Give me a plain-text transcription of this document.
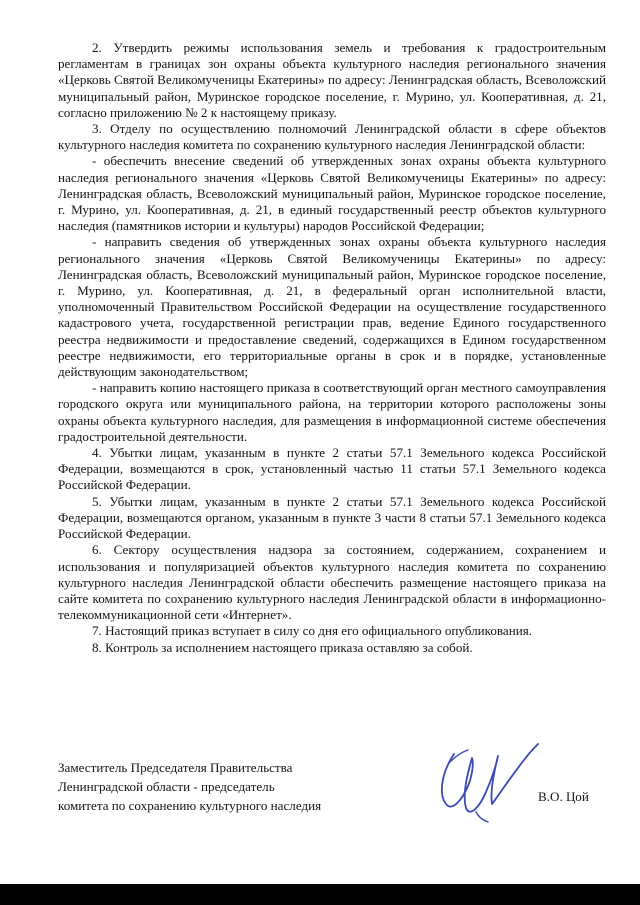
2. Утвердить режимы использования земель и требования к градостроительным регламентам в границах зон охраны объекта культурного наследия регионального значения «Церковь Святой Великомученицы Екатерины» по адресу: Ленинградская область, Всеволожский муниципальный район, Муринское городское поселение, г. Мурино, ул. Кооперативная, д. 21, согласно приложению № 2 к настоящему приказу.

3. Отделу по осуществлению полномочий Ленинградской области в сфере объектов культурного наследия комитета по сохранению культурного наследия Ленинградской области:

- обеспечить внесение сведений об утвержденных зонах охраны объекта культурного наследия регионального значения «Церковь Святой Великомученицы Екатерины» по адресу: Ленинградская область, Всеволожский муниципальный район, Муринское городское поселение, г. Мурино, ул. Кооперативная, д. 21, в единый государственный реестр объектов культурного наследия (памятников истории и культуры) народов Российской Федерации;

- направить сведения об утвержденных зонах охраны объекта культурного наследия регионального значения «Церковь Святой Великомученицы Екатерины» по адресу: Ленинградская область, Всеволожский муниципальный район, Муринское городское поселение, г. Мурино, ул. Кооперативная, д. 21, в федеральный орган исполнительной власти, уполномоченный Правительством Российской Федерации на осуществление государственного кадастрового учета, государственной регистрации прав, ведение Единого государственного реестра недвижимости и предоставление сведений, содержащихся в Едином государственном реестре недвижимости, его территориальные органы в срок и в порядке, установленные действующим законодательством;

- направить копию настоящего приказа в соответствующий орган местного самоуправления городского округа или муниципального района, на территории которого расположены зоны охраны объекта культурного наследия, для размещения в информационной системе обеспечения градостроительной деятельности.

4. Убытки лицам, указанным в пункте 2 статьи 57.1 Земельного кодекса Российской Федерации, возмещаются в срок, установленный частью 11 статьи 57.1 Земельного кодекса Российской Федерации.

5. Убытки лицам, указанным в пункте 2 статьи 57.1 Земельного кодекса Российской Федерации, возмещаются органом, указанным в пункте 3 части 8 статьи 57.1 Земельного кодекса Российской Федерации.

6. Сектору осуществления надзора за состоянием, содержанием, сохранением и использования и популяризацией объектов культурного наследия комитета по сохранению культурного наследия Ленинградской области обеспечить размещение настоящего приказа на сайте комитета по сохранению культурного наследия Ленинградской области в информационно-телекоммуникационной сети «Интернет».

7. Настоящий приказ вступает в силу со дня его официального опубликования.

8. Контроль за исполнением настоящего приказа оставляю за собой.

Заместитель Председателя Правительства
Ленинградской области - председатель
комитета по сохранению культурного наследия
В.О. Цой
